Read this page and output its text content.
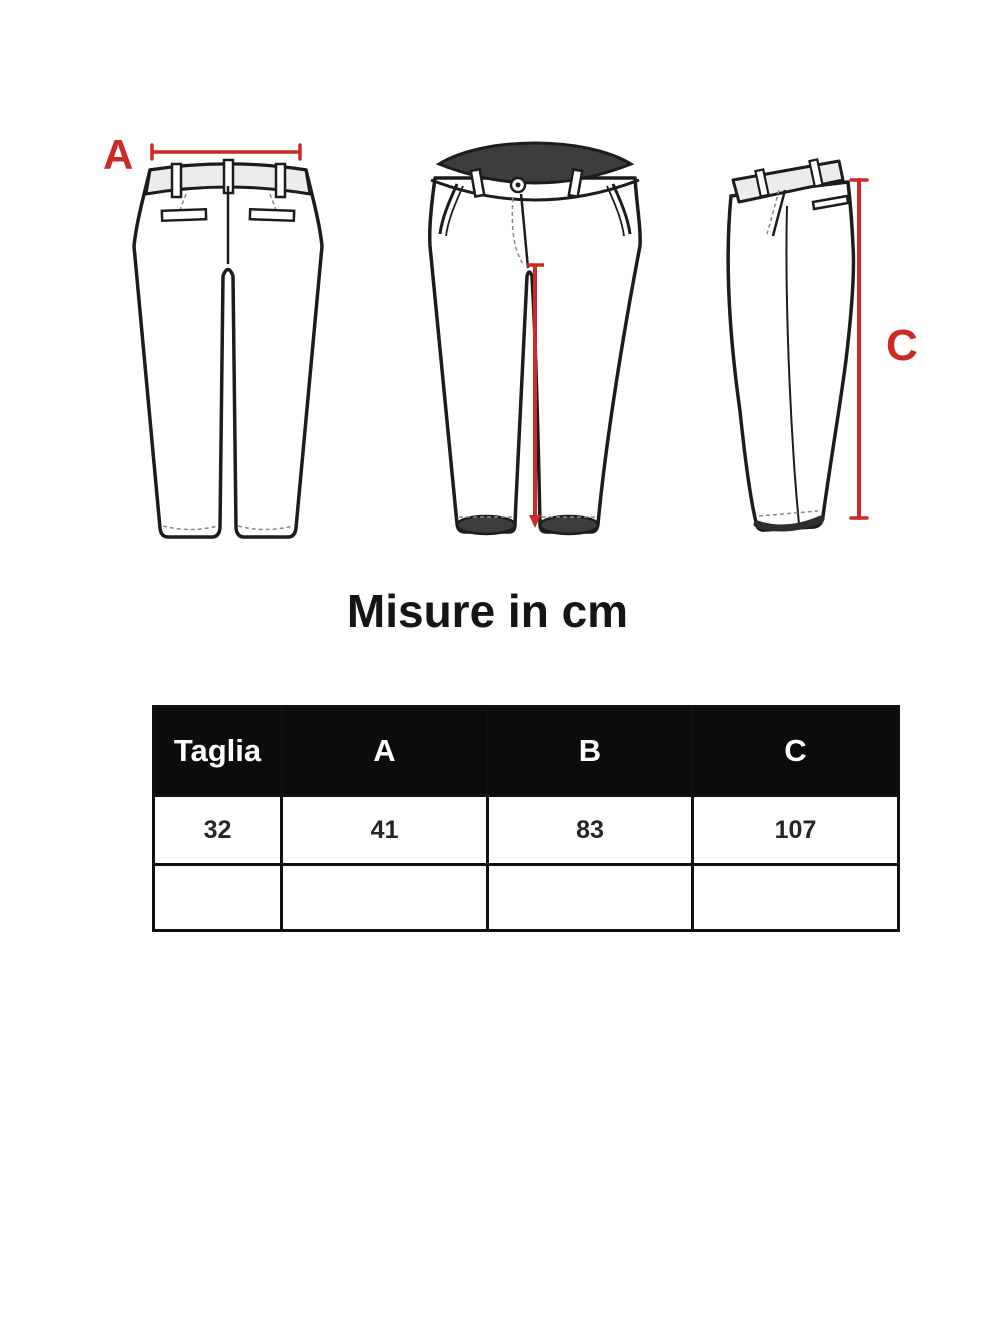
A
C
Misure in cm
Taglia	A	B	C
32	41	83	107
